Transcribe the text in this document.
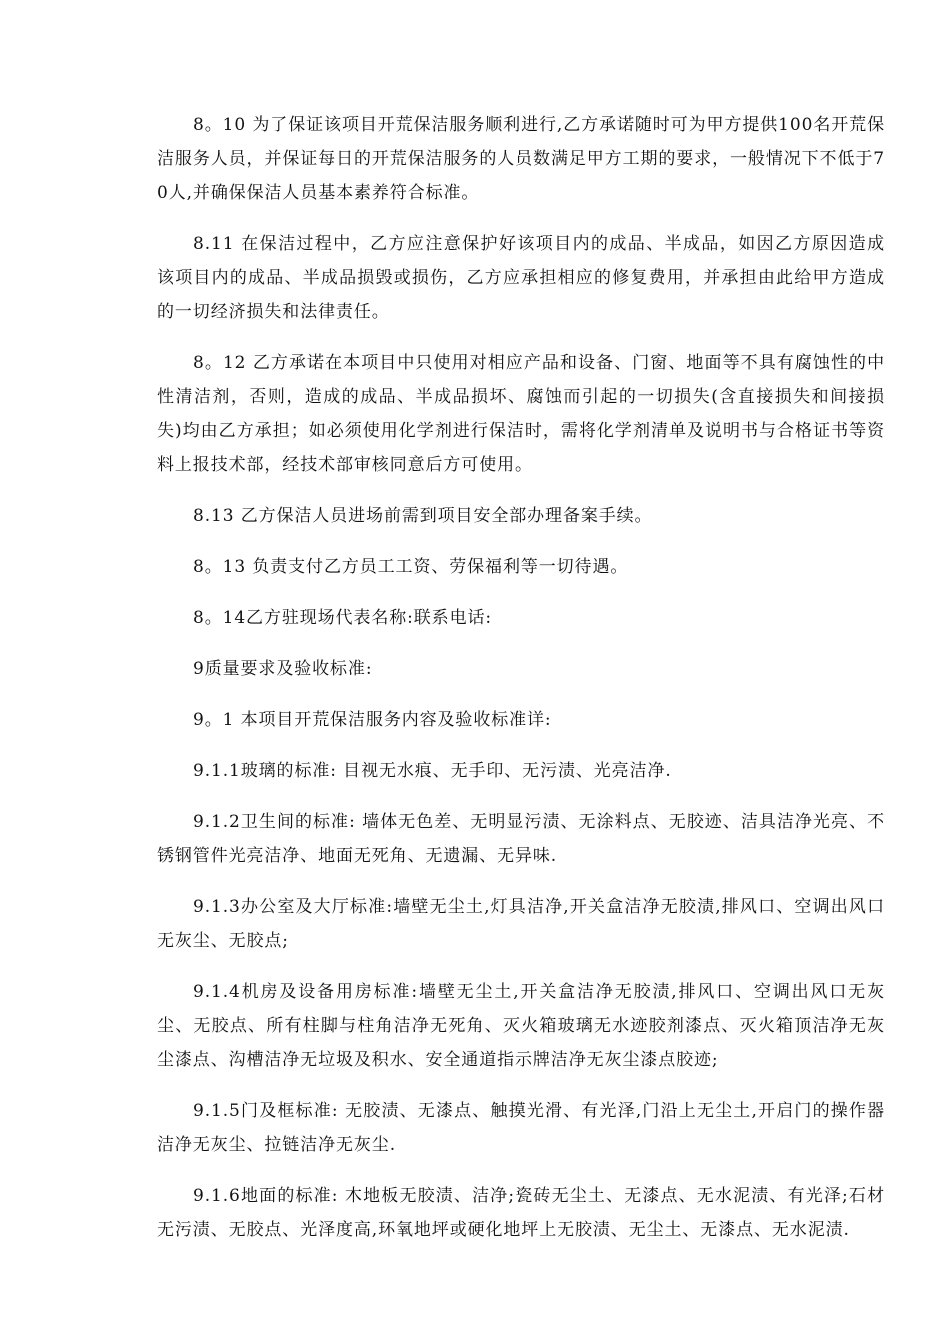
8。10 为了保证该项目开荒保洁服务顺利进行,乙方承诺随时可为甲方提供100名开荒保洁服务人员，并保证每日的开荒保洁服务的人员数满足甲方工期的要求，一般情况下不低于70人,并确保保洁人员基本素养符合标准。

8.11 在保洁过程中，乙方应注意保护好该项目内的成品、半成品，如因乙方原因造成该项目内的成品、半成品损毁或损伤，乙方应承担相应的修复费用，并承担由此给甲方造成的一切经济损失和法律责任。

8。12 乙方承诺在本项目中只使用对相应产品和设备、门窗、地面等不具有腐蚀性的中性清洁剂，否则，造成的成品、半成品损坏、腐蚀而引起的一切损失(含直接损失和间接损失)均由乙方承担；如必须使用化学剂进行保洁时，需将化学剂清单及说明书与合格证书等资料上报技术部，经技术部审核同意后方可使用。

8.13 乙方保洁人员进场前需到项目安全部办理备案手续。

8。13 负责支付乙方员工工资、劳保福利等一切待遇。

8。14乙方驻现场代表名称:联系电话:

9质量要求及验收标准:

9。1 本项目开荒保洁服务内容及验收标准详:

9.1.1玻璃的标准: 目视无水痕、无手印、无污渍、光亮洁净.

9.1.2卫生间的标准: 墙体无色差、无明显污渍、无涂料点、无胶迹、洁具洁净光亮、不锈钢管件光亮洁净、地面无死角、无遗漏、无异味.

9.1.3办公室及大厅标准:墙壁无尘土,灯具洁净,开关盒洁净无胶渍,排风口、空调出风口无灰尘、无胶点;

9.1.4机房及设备用房标准:墙壁无尘土,开关盒洁净无胶渍,排风口、空调出风口无灰尘、无胶点、所有柱脚与柱角洁净无死角、灭火箱玻璃无水迹胶剂漆点、灭火箱顶洁净无灰尘漆点、沟槽洁净无垃圾及积水、安全通道指示牌洁净无灰尘漆点胶迹;

9.1.5门及框标准: 无胶渍、无漆点、触摸光滑、有光泽,门沿上无尘土,开启门的操作器洁净无灰尘、拉链洁净无灰尘.

9.1.6地面的标准: 木地板无胶渍、洁净;瓷砖无尘土、无漆点、无水泥渍、有光泽;石材无污渍、无胶点、光泽度高,环氧地坪或硬化地坪上无胶渍、无尘土、无漆点、无水泥渍.
